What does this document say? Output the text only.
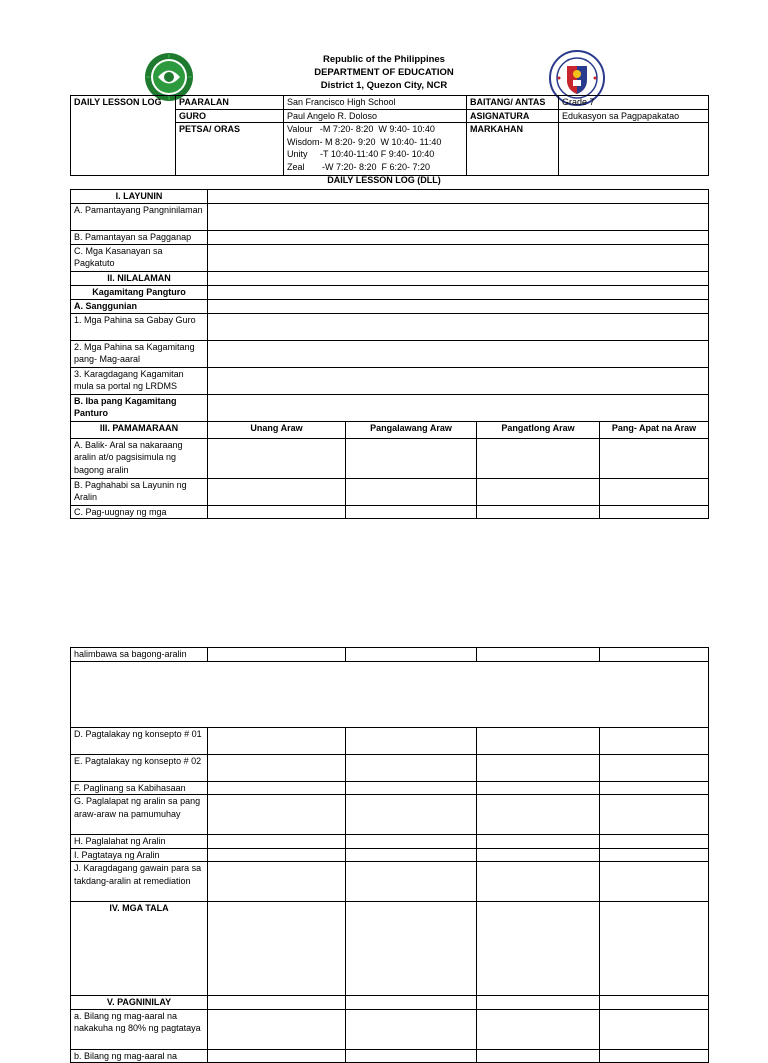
Republic of the Philippines
DEPARTMENT OF EDUCATION
District 1, Quezon City, NCR
DAILY LESSON LOG	PAARALAN	San Francisco High School	BAITANG/ ANTAS	Grade 7
	GURO	Paul Angelo R. Doloso	ASIGNATURA	Edukasyon sa Pagpapakatao
	PETSA/ ORAS	Valour   -M 7:20- 8:20  W 9:40- 10:40
Wisdom- M 8:20- 9:20  W 10:40- 11:40
Unity     -T 10:40-11:40 F 9:40- 10:40
Zeal       -W 7:20- 8:20  F 6:20- 7:20	MARKAHAN	
DAILY LESSON LOG (DLL)
I. LAYUNIN				
A. Pamantayang Pangninilaman				
B. Pamantayan sa Pagganap				
C. Mga Kasanayan sa Pagkatuto				
II. NILALAMAN				
Kagamitang Pangturo				
A. Sanggunian				
1. Mga Pahina sa Gabay Guro				
2. Mga Pahina sa Kagamitang pang- Mag-aaral				
3. Karagdagang Kagamitan mula sa portal ng LRDMS				
B. Iba pang Kagamitang Panturo				
III. PAMAMARAAN	Unang Araw	Pangalawang Araw	Pangatlong Araw	Pang- Apat na Araw
A. Balik- Aral sa nakaraang aralin at/o pagsisimula ng bagong aralin				
B. Paghahabi sa Layunin ng Aralin				
C. Pag-uugnay ng mga				
halimbawa sa bagong-aralin				

D. Pagtalakay ng konsepto # 01				
E. Pagtalakay ng konsepto # 02				
F. Paglinang sa Kabihasaan				
G. Paglalapat ng aralin sa pang araw-araw na pamumuhay				
H. Paglalahat ng Aralin				
I. Pagtataya ng Aralin				
J. Karagdagang gawain para sa takdang-aralin at remediation				
IV. MGA TALA				
V. PAGNINILAY				
a. Bilang ng mag-aaral na nakakuha ng 80% ng pagtataya				
b. Bilang ng mag-aaral na				
